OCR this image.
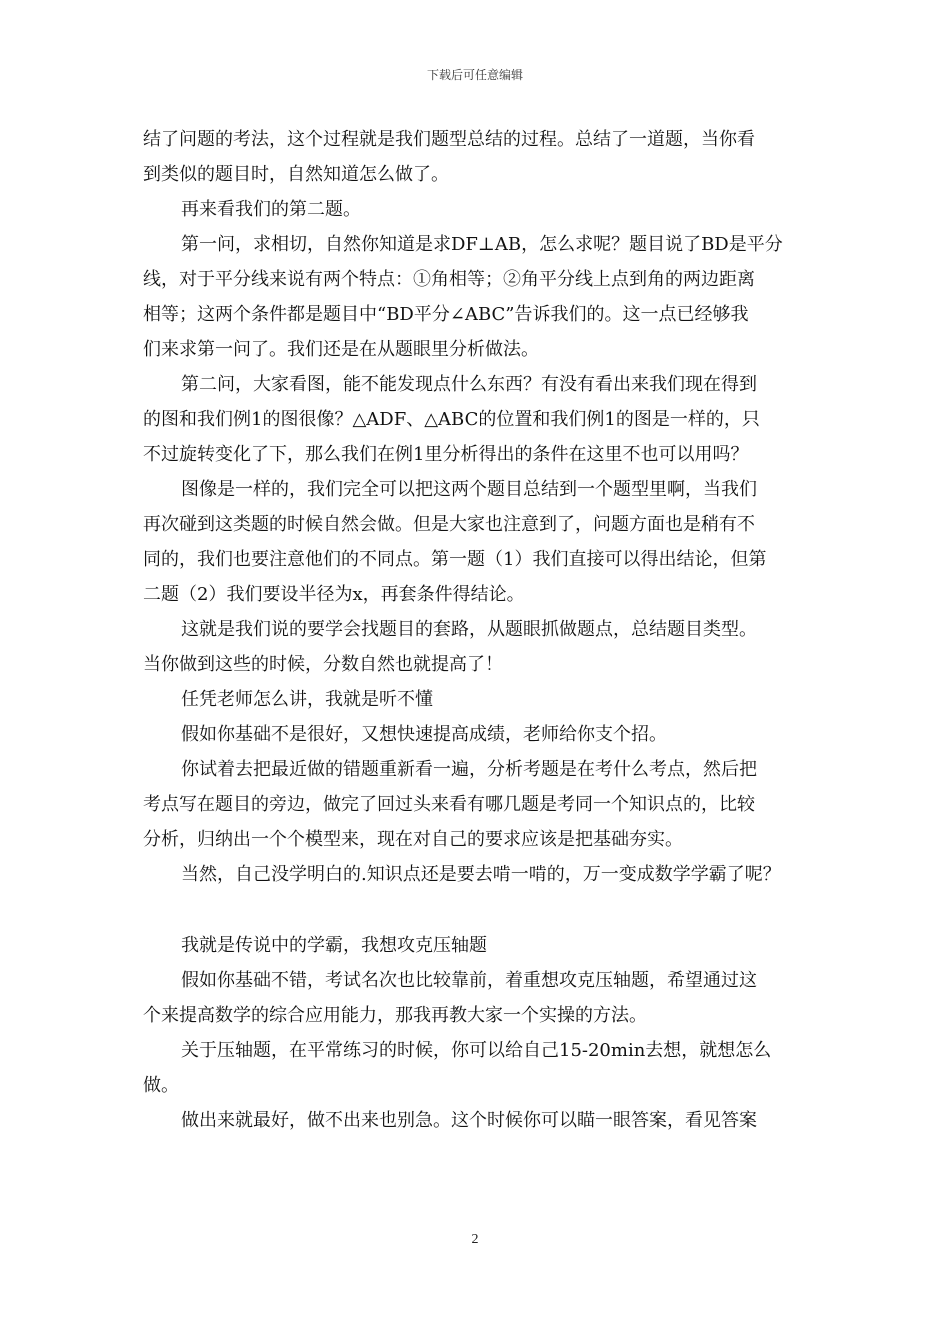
下载后可任意编辑
结了问题的考法，这个过程就是我们题型总结的过程。总结了一道题，当你看
到类似的题目时，自然知道怎么做了。
再来看我们的第二题。
第一问，求相切，自然你知道是求DF⊥AB，怎么求呢？题目说了BD是平分
线，对于平分线来说有两个特点：①角相等；②角平分线上点到角的两边距离
相等；这两个条件都是题目中“BD平分∠ABC”告诉我们的。这一点已经够我
们来求第一问了。我们还是在从题眼里分析做法。
第二问，大家看图，能不能发现点什么东西？有没有看出来我们现在得到
的图和我们例1的图很像？△ADF、△ABC的位置和我们例1的图是一样的，只
不过旋转变化了下，那么我们在例1里分析得出的条件在这里不也可以用吗？
图像是一样的，我们完全可以把这两个题目总结到一个题型里啊，当我们
再次碰到这类题的时候自然会做。但是大家也注意到了，问题方面也是稍有不
同的，我们也要注意他们的不同点。第一题（1）我们直接可以得出结论，但第
二题（2）我们要设半径为x，再套条件得结论。
这就是我们说的要学会找题目的套路，从题眼抓做题点，总结题目类型。
当你做到这些的时候，分数自然也就提高了！
任凭老师怎么讲，我就是听不懂
假如你基础不是很好，又想快速提高成绩，老师给你支个招。
你试着去把最近做的错题重新看一遍，分析考题是在考什么考点，然后把
考点写在题目的旁边，做完了回过头来看有哪几题是考同一个知识点的，比较
分析，归纳出一个个模型来，现在对自己的要求应该是把基础夯实。
当然，自己没学明白的.知识点还是要去啃一啃的，万一变成数学学霸了呢？
我就是传说中的学霸，我想攻克压轴题
假如你基础不错，考试名次也比较靠前，着重想攻克压轴题，希望通过这
个来提高数学的综合应用能力，那我再教大家一个实操的方法。
关于压轴题，在平常练习的时候，你可以给自己15-20min去想，就想怎么
做。
做出来就最好，做不出来也别急。这个时候你可以瞄一眼答案，看见答案
2
